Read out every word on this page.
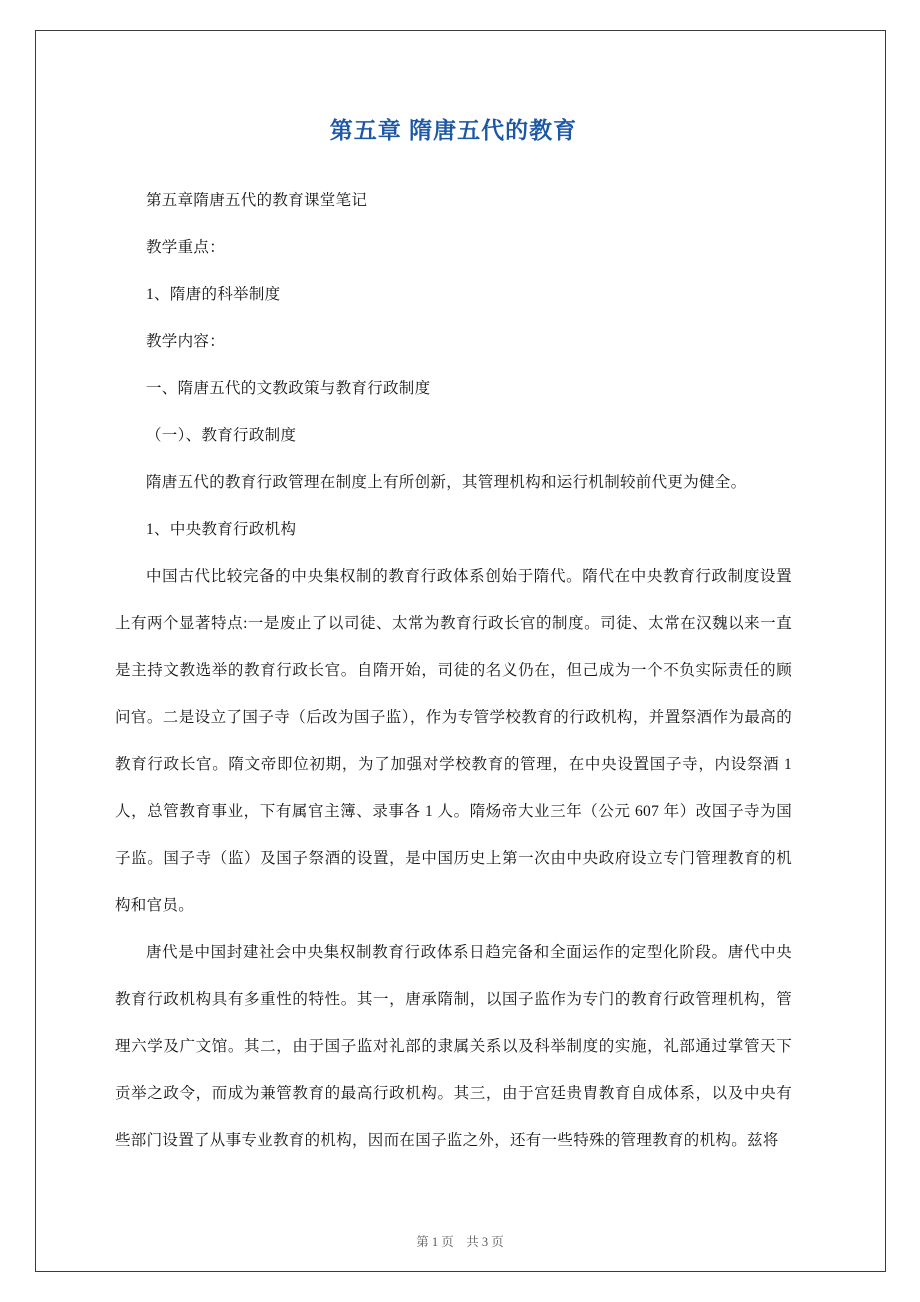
第五章 隋唐五代的教育

第五章隋唐五代的教育课堂笔记

教学重点：

1、隋唐的科举制度

教学内容：

一、隋唐五代的文教政策与教育行政制度

（一）、教育行政制度

隋唐五代的教育行政管理在制度上有所创新，其管理机构和运行机制较前代更为健全。

1、中央教育行政机构

中国古代比较完备的中央集权制的教育行政体系创始于隋代。隋代在中央教育行政制度设置上有两个显著特点:一是废止了以司徒、太常为教育行政长官的制度。司徒、太常在汉魏以来一直是主持文教选举的教育行政长官。自隋开始，司徒的名义仍在，但己成为一个不负实际责任的顾问官。二是设立了国子寺（后改为国子监），作为专管学校教育的行政机构，并置祭酒作为最高的教育行政长官。隋文帝即位初期，为了加强对学校教育的管理，在中央设置国子寺，内设祭酒 1 人，总管教育事业，下有属官主簿、录事各 1 人。隋炀帝大业三年（公元 607 年）改国子寺为国子监。国子寺（监）及国子祭酒的设置，是中国历史上第一次由中央政府设立专门管理教育的机构和官员。

唐代是中国封建社会中央集权制教育行政体系日趋完备和全面运作的定型化阶段。唐代中央教育行政机构具有多重性的特性。其一，唐承隋制，以国子监作为专门的教育行政管理机构，管理六学及广文馆。其二，由于国子监对礼部的隶属关系以及科举制度的实施，礼部通过掌管天下贡举之政令，而成为兼管教育的最高行政机构。其三，由于宫廷贵胄教育自成体系，以及中央有些部门设置了从事专业教育的机构，因而在国子监之外，还有一些特殊的管理教育的机构。兹将

第 1 页　共 3 页
